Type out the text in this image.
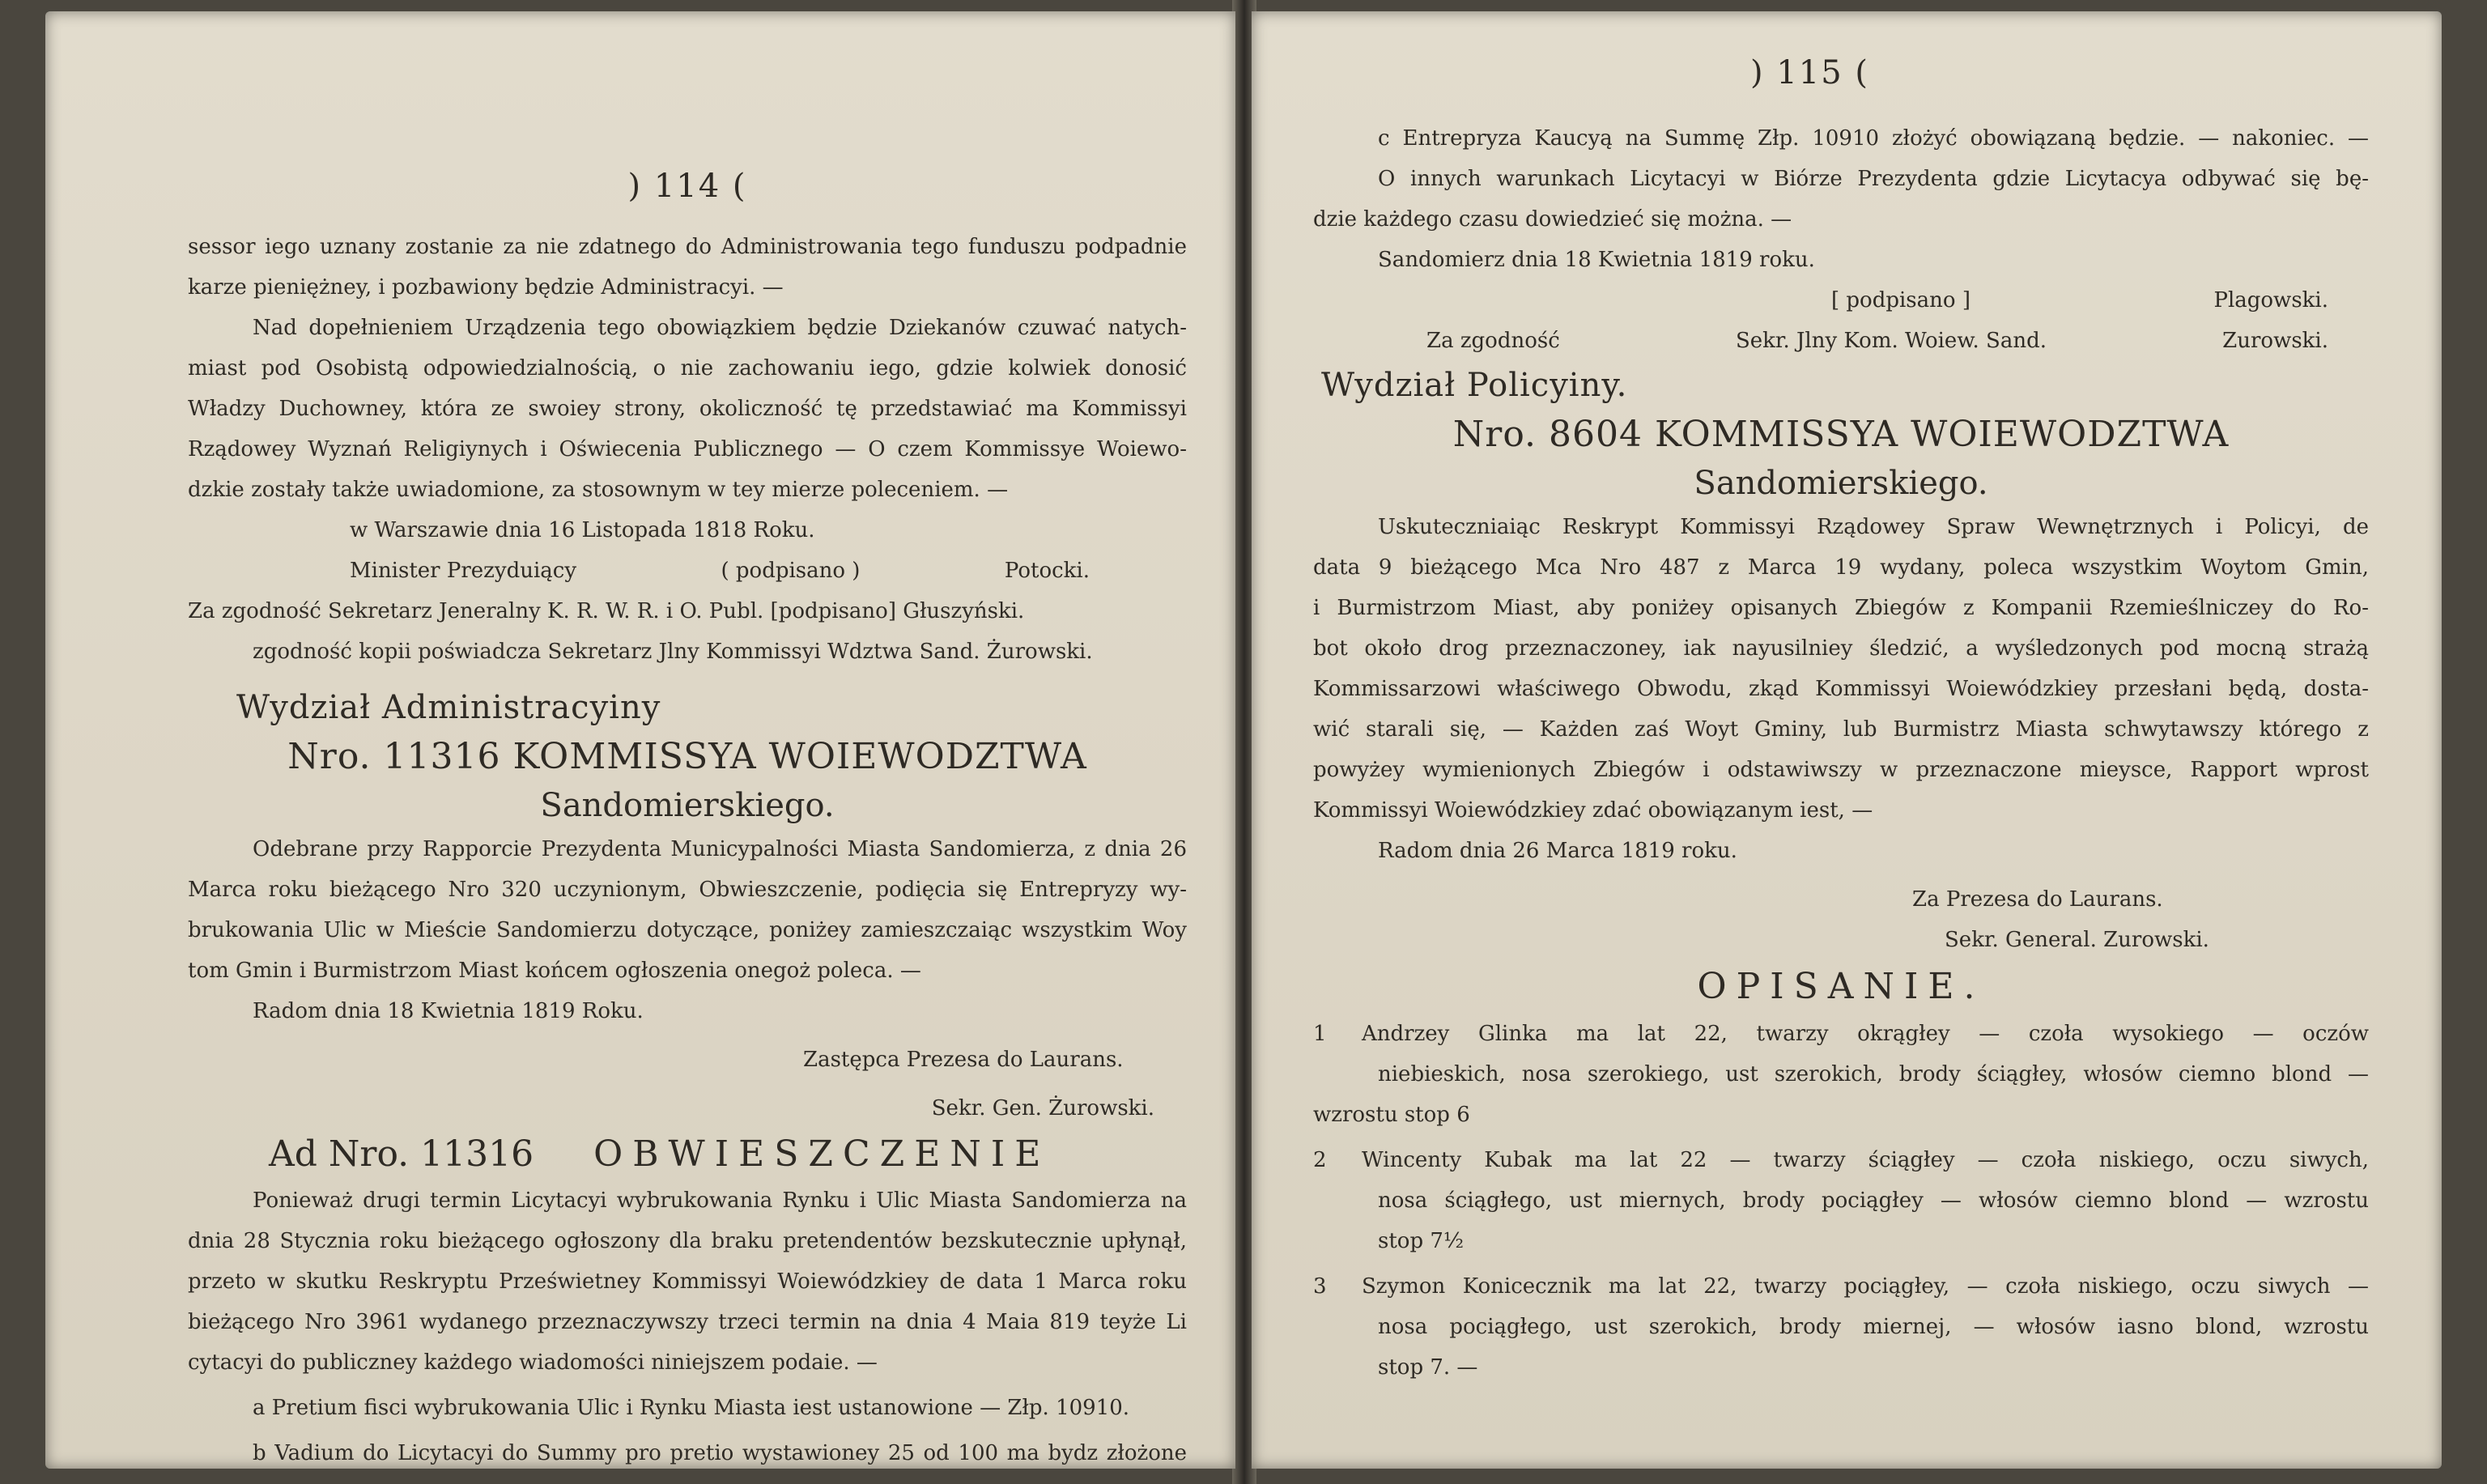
) 114 (
sessor iego uznany zostanie za nie zdatnego do Administrowania tego funduszu podpadnie
karze pieniężney, i pozbawiony będzie Administracyi. —
Nad dopełnieniem Urządzenia tego obowiązkiem będzie Dziekanów czuwać natych-
miast pod Osobistą odpowiedzialnością, o nie zachowaniu iego, gdzie kolwiek donosić
Władzy Duchowney, która ze swoiey strony, okoliczność tę przedstawiać ma Kommissyi
Rządowey Wyznań Religiynych i Oświecenia Publicznego — O czem Kommissye Woiewo-
dzkie zostały także uwiadomione, za stosownym w tey mierze poleceniem. —
w Warszawie dnia 16 Listopada 1818 Roku.
Minister Prezyduiący	( podpisano )	Potocki.
Za zgodność Sekretarz Jeneralny K. R. W. R. i O. Publ. [podpisano] Głuszyński.
zgodność kopii poświadcza Sekretarz Jlny Kommissyi Wdztwa Sand. Żurowski.
Wydział Administracyiny
Nro. 11316 KOMMISSYA WOIEWODZTWA
Sandomierskiego.
Odebrane przy Rapporcie Prezydenta Municypalności Miasta Sandomierza, z dnia 26
Marca roku bieżącego Nro 320 uczynionym, Obwieszczenie, podięcia się Entrepryzy wy-
brukowania Ulic w Mieście Sandomierzu dotyczące, poniżey zamieszczaiąc wszystkim Woy
tom Gmin i Burmistrzom Miast końcem ogłoszenia onegoż poleca. —
Radom dnia 18 Kwietnia 1819 Roku.
Zastępca Prezesa do Laurans.
Sekr. Gen. Żurowski.
Ad Nro. 11316 OBWIESZCZENIE
Ponieważ drugi termin Licytacyi wybrukowania Rynku i Ulic Miasta Sandomierza na
dnia 28 Stycznia roku bieżącego ogłoszony dla braku pretendentów bezskutecznie upłynął,
przeto w skutku Reskryptu Prześwietney Kommissyi Woiewódzkiey de data 1 Marca roku
bieżącego Nro 3961 wydanego przeznaczywszy trzeci termin na dnia 4 Maia 819 teyże Li
cytacyi do publiczney każdego wiadomości niniejszem podaie. —
a Pretium fisci wybrukowania Ulic i Rynku Miasta iest ustanowione — Złp. 10910.
b Vadium do Licytacyi do Summy pro pretio wystawioney 25 od 100 ma bydz złożone
) 115 (
c Entrepryza Kaucyą na Summę Złp. 10910 złożyć obowiązaną będzie. — nakoniec. —
O innych warunkach Licytacyi w Biórze Prezydenta gdzie Licytacya odbywać się bę-
dzie każdego czasu dowiedzieć się można. —
Sandomierz dnia 18 Kwietnia 1819 roku.
[ podpisano ]	Plagowski.
Za zgodność	Sekr. Jlny Kom. Woiew. Sand.	Zurowski.
Wydział Policyiny.
Nro. 8604 KOMMISSYA WOIEWODZTWA
Sandomierskiego.
Uskuteczniaiąc Reskrypt Kommissyi Rządowey Spraw Wewnętrznych i Policyi, de
data 9 bieżącego Mca Nro 487 z Marca 19 wydany, poleca wszystkim Woytom Gmin,
i Burmistrzom Miast, aby poniżey opisanych Zbiegów z Kompanii Rzemieślniczey do Ro-
bot około drog przeznaczoney, iak nayusilniey śledzić, a wyśledzonych pod mocną strażą
Kommissarzowi właściwego Obwodu, zkąd Kommissyi Woiewódzkiey przesłani będą, dosta-
wić starali się, — Każden zaś Woyt Gminy, lub Burmistrz Miasta schwytawszy którego z
powyżey wymienionych Zbiegów i odstawiwszy w przeznaczone mieysce, Rapport wprost
Kommissyi Woiewódzkiey zdać obowiązanym iest, —
Radom dnia 26 Marca 1819 roku.
Za Prezesa do Laurans.
Sekr. General. Zurowski.
OPISANIE.
1 Andrzey Glinka ma lat 22, twarzy okrągłey — czoła wysokiego — oczów
niebieskich, nosa szerokiego, ust szerokich, brody ściągłey, włosów ciemno blond —
wzrostu stop 6
2 Wincenty Kubak ma lat 22 — twarzy ściągłey — czoła niskiego, oczu siwych,
nosa ściągłego, ust miernych, brody pociągłey — włosów ciemno blond — wzrostu
stop 7½
3 Szymon Konicecznik ma lat 22, twarzy pociągłey, — czoła niskiego, oczu siwych —
nosa pociągłego, ust szerokich, brody miernej, — włosów iasno blond, wzrostu
stop 7. —
